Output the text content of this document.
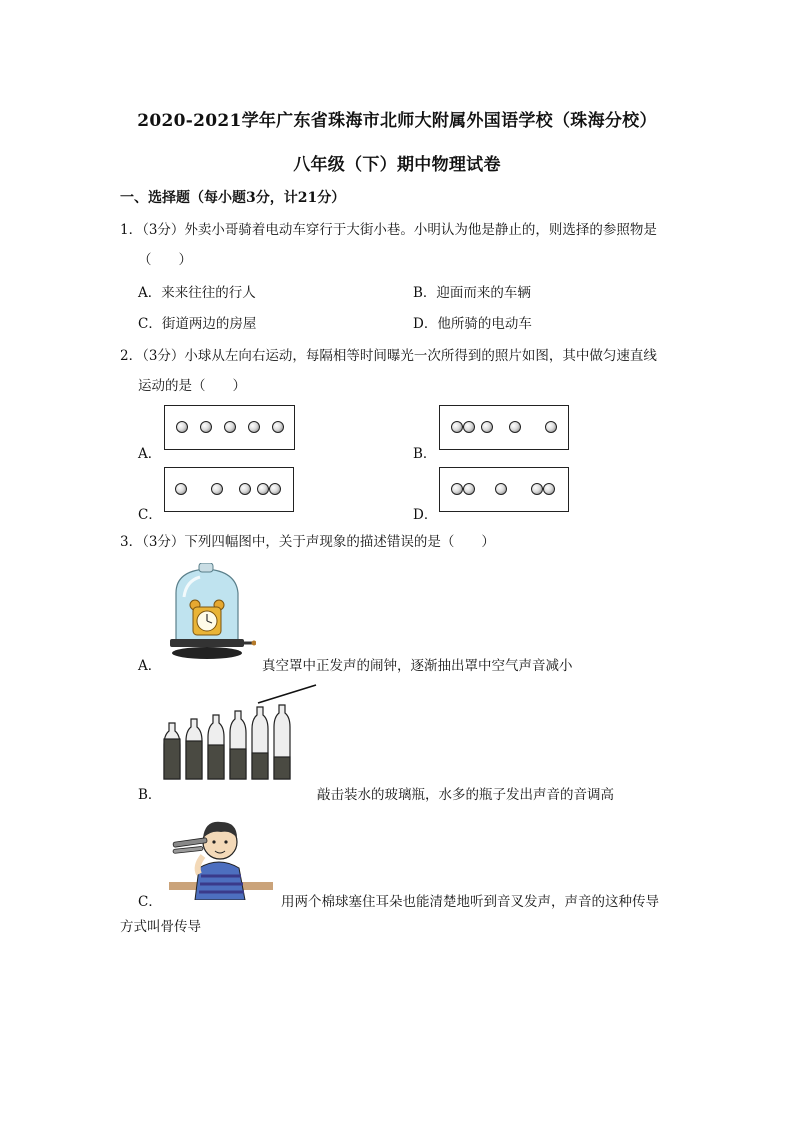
2020-2021学年广东省珠海市北师大附属外国语学校（珠海分校）
八年级（下）期中物理试卷
一、选择题（每小题3分，计21分）
1．（3分）外卖小哥骑着电动车穿行于大街小巷。小明认为他是静止的，则选择的参照物是
（　　）
A．来来往往的行人	B．迎面而来的车辆
C．街道两边的房屋	D．他所骑的电动车
2．（3分）小球从左向右运动，每隔相等时间曝光一次所得到的照片如图，其中做匀速直线
运动的是（　　）
A．	B．
C．	D．
3．（3分）下列四幅图中，关于声现象的描述错误的是（　　）
A．	真空罩中正发声的闹钟，逐渐抽出罩中空气声音减小
B．	敲击装水的玻璃瓶，水多的瓶子发出声音的音调高
C．	用两个棉球塞住耳朵也能清楚地听到音叉发声，声音的这种传导
方式叫骨传导
